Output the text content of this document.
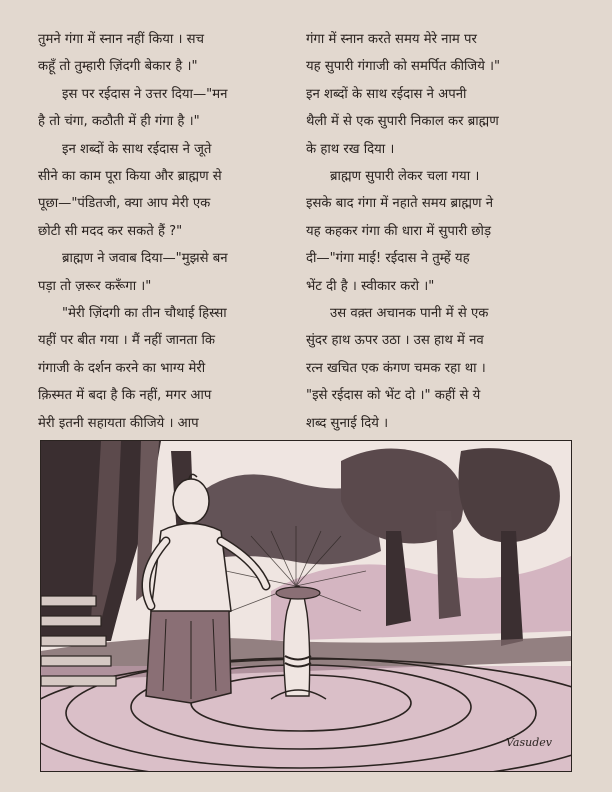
तुमने गंगा में स्नान नहीं किया । सच
कहूँ तो तुम्हारी ज़िंदगी बेकार है ।"
इस पर रईदास ने उत्तर दिया—"मन
है तो चंगा, कठौती में ही गंगा है ।"
इन शब्दों के साथ रईदास ने जूते
सीने का काम पूरा किया और ब्राह्मण से
पूछा—"पंडितजी, क्या आप मेरी एक
छोटी सी मदद कर सकते हैं ?"
ब्राह्मण ने जवाब दिया—"मुझसे बन
पड़ा तो ज़रूर करूँगा ।"
"मेरी ज़िंदगी का तीन चौथाई हिस्सा
यहीं पर बीत गया । मैं नहीं जानता कि
गंगाजी के दर्शन करने का भाग्य मेरी
क़िस्मत में बदा है कि नहीं, मगर आप
मेरी इतनी सहायता कीजिये । आप
गंगा में स्नान करते समय मेरे नाम पर
यह सुपारी गंगाजी को समर्पित कीजिये ।"
इन शब्दों के साथ रईदास ने अपनी
थैली में से एक सुपारी निकाल कर ब्राह्मण
के हाथ रख दिया ।
ब्राह्मण सुपारी लेकर चला गया ।
इसके बाद गंगा में नहाते समय ब्राह्मण ने
यह कहकर गंगा की धारा में सुपारी छोड़
दी—"गंगा माई! रईदास ने तुम्हें यह
भेंट दी है । स्वीकार करो ।"
उस वक़्त अचानक पानी में से एक
सुंदर हाथ ऊपर उठा । उस हाथ में नव
रत्न खचित एक कंगण चमक रहा था ।
"इसे रईदास को भेंट दो ।" कहीं से ये
शब्द सुनाई दिये ।
Vasudev
